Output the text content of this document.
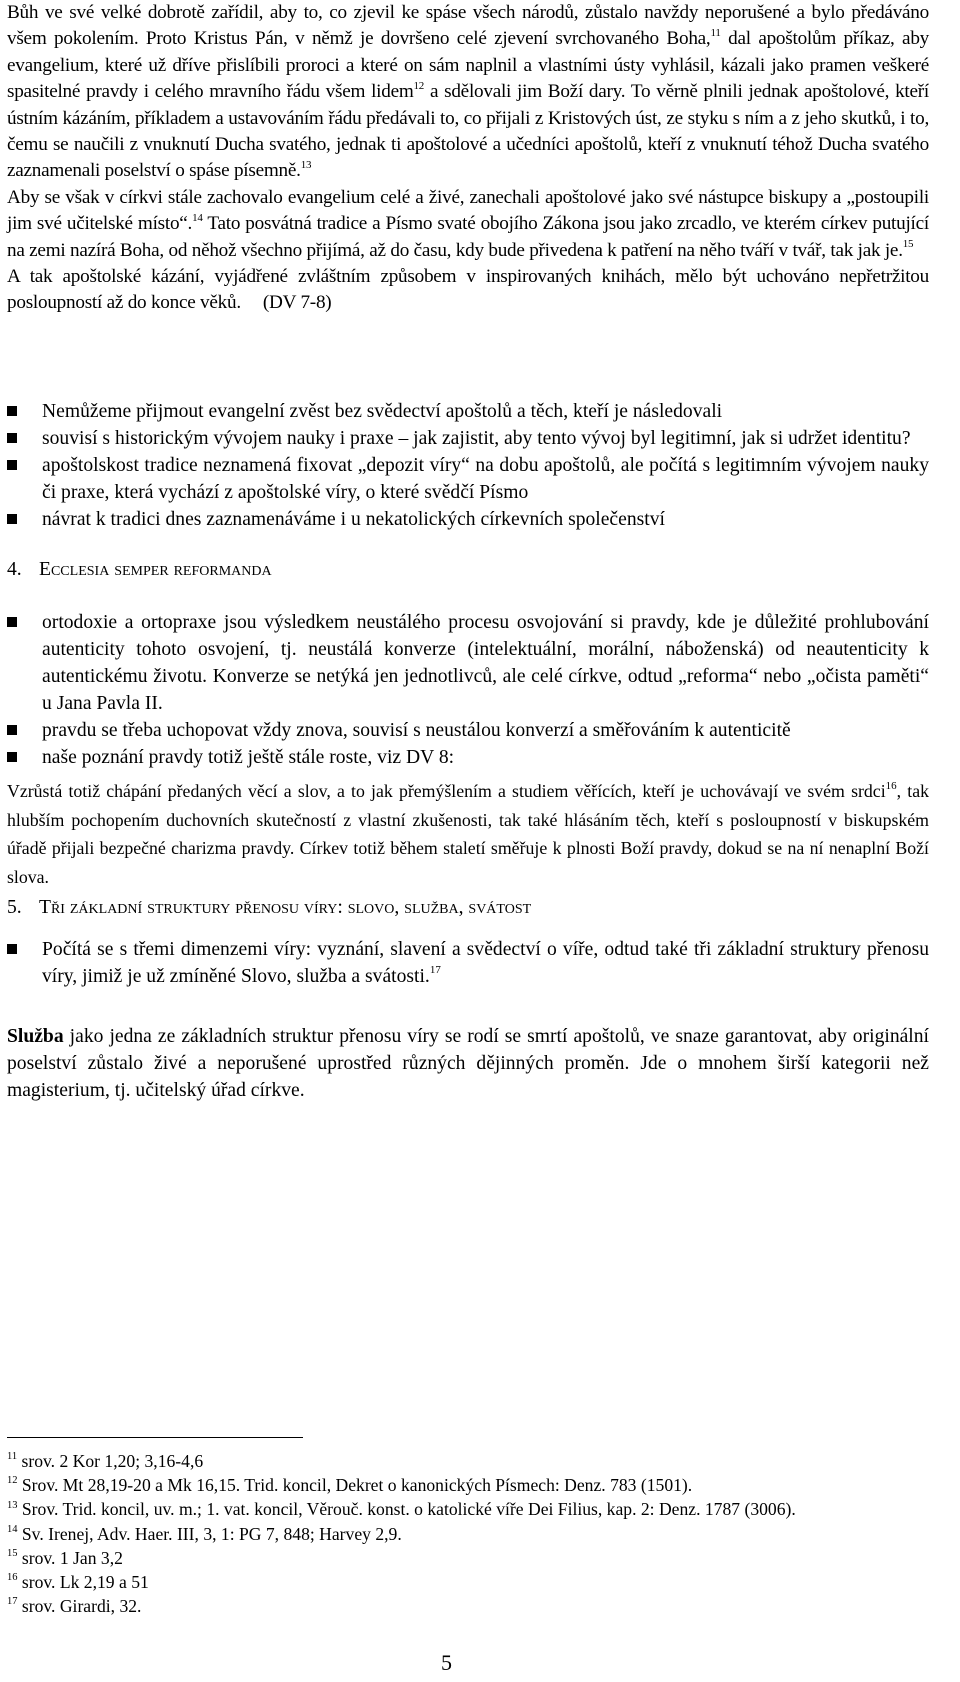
Bůh ve své velké dobrotě zařídil, aby to, co zjevil ke spáse všech národů, zůstalo navždy neporušené a bylo předáváno všem pokolením. Proto Kristus Pán, v němž je dovršeno celé zjevení svrchovaného Boha,$^{11}$ dal apoštolům příkaz, aby evangelium, které už dříve přislíbili proroci a které on sám naplnil a vlastními ústy vyhlásil, kázali jako pramen veškeré spasitelné pravdy i celého mravního řádu všem lidem$^{12}$ a sdělovali jim Boží dary. To věrně plnili jednak apoštolové, kteří ústním kázáním, příkladem a ustavováním řádu předávali to, co přijali z Kristových úst, ze styku s ním a z jeho skutků, i to, čemu se naučili z vnuknutí Ducha svatého, jednak ti apoštolové a učedníci apoštolů, kteří z vnuknutí téhož Ducha svatého zaznamenali poselství o spáse písemně.$^{13}$
Aby se však v církvi stále zachovalo evangelium celé a živé, zanechali apoštolové jako své nástupce biskupy a „postoupili jim své učitelské místo“.$^{14}$ Tato posvátná tradice a Písmo svaté obojího Zákona jsou jako zrcadlo, ve kterém církev putující na zemi nazírá Boha, od něhož všechno přijímá, až do času, kdy bude přivedena k patření na něho tváří v tvář, tak jak je.$^{15}$
A tak apoštolské kázání, vyjádřené zvláštním způsobem v inspirovaných knihách, mělo být uchováno nepřetržitou posloupností až do konce věků. (DV 7-8)

Nemůžeme přijmout evangelní zvěst bez svědectví apoštolů a těch, kteří je následovali
souvisí s historickým vývojem nauky i praxe – jak zajistit, aby tento vývoj byl legitimní, jak si udržet identitu?
apoštolskost tradice neznamená fixovat „depozit víry“ na dobu apoštolů, ale počítá s legitimním vývojem nauky či praxe, která vychází z apoštolské víry, o které svědčí Písmo
návrat k tradici dnes zaznamenáváme i u nekatolických církevních společenství
4. Ecclesia semper reformanda
ortodoxie a ortopraxe jsou výsledkem neustálého procesu osvojování si pravdy, kde je důležité prohlubování autenticity tohoto osvojení, tj. neustálá konverze (intelektuální, morální, náboženská) od neautenticity k autentickému životu. Konverze se netýká jen jednotlivců, ale celé církve, odtud „reforma“ nebo „očista paměti“ u Jana Pavla II.
pravdu se třeba uchopovat vždy znova, souvisí s neustálou konverzí a směřováním k autenticitě
naše poznání pravdy totiž ještě stále roste, viz DV 8:

Vzrůstá totiž chápání předaných věcí a slov, a to jak přemýšlením a studiem věřících, kteří je uchovávají ve svém srdci$^{16}$, tak hlubším pochopením duchovních skutečností z vlastní zkušenosti, tak také hlásáním těch, kteří s posloupností v biskupském úřadě přijali bezpečné charizma pravdy. Církev totiž během staletí směřuje k plnosti Boží pravdy, dokud se na ní nenaplní Boží slova.

5. Tři základní struktury přenosu víry: slovo, služba, svátost
Počítá se s třemi dimenzemi víry: vyznání, slavení a svědectví o víře, odtud také tři základní struktury přenosu víry, jimiž je už zmíněné Slovo, služba a svátosti.$^{17}$

Služba jako jedna ze základních struktur přenosu víry se rodí se smrtí apoštolů, ve snaze garantovat, aby originální poselství zůstalo živé a neporušené uprostřed různých dějinných proměn. Jde o mnohem širší kategorii než magisterium, tj. učitelský úřad církve.

$^{11}$ srov. 2 Kor 1,20; 3,16-4,6
$^{12}$ Srov. Mt 28,19-20 a Mk 16,15. Trid. koncil, Dekret o kanonických Písmech: Denz. 783 (1501).
$^{13}$ Srov. Trid. koncil, uv. m.; 1. vat. koncil, Věrouč. konst. o katolické víře Dei Filius, kap. 2: Denz. 1787 (3006).
$^{14}$ Sv. Irenej, Adv. Haer. III, 3, 1: PG 7, 848; Harvey 2,9.
$^{15}$ srov. 1 Jan 3,2
$^{16}$ srov. Lk 2,19 a 51
$^{17}$ srov. Girardi, 32.
5
